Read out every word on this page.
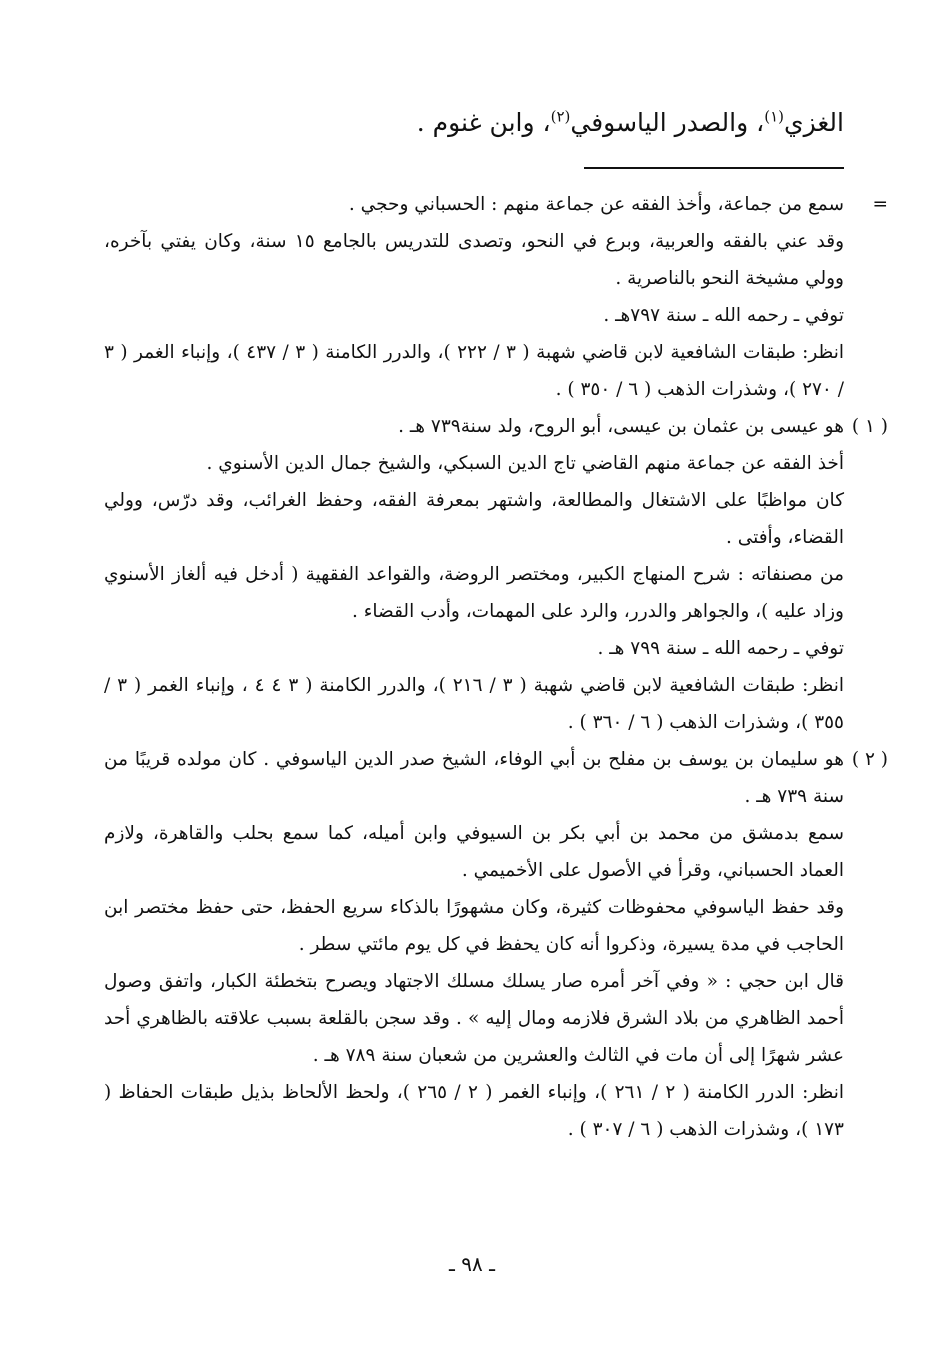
الغزي$^{(١)}$، والصدر الياسوفي$^{(٢)}$، وابن غنوم .
=
سمع من جماعة، وأخذ الفقه عن جماعة منهم : الحسباني وحجي .
وقد عني بالفقه والعربية، وبرع في النحو، وتصدى للتدريس بالجامع ١٥ سنة، وكان يفتي بآخره، وولي مشيخة النحو بالناصرية .
توفي ـ رحمه الله ـ سنة ٧٩٧هـ .
انظر: طبقات الشافعية لابن قاضي شهبة ( ٣ / ٢٢٢ )، والدرر الكامنة ( ٣ / ٤٣٧ )، وإنباء الغمر ( ٣ / ٢٧٠ )، وشذرات الذهب ( ٦ / ٣٥٠ ) .
( ١ )
هو عيسى بن عثمان بن عيسى، أبو الروح، ولد سنة٧٣٩ هـ .
أخذ الفقه عن جماعة منهم القاضي تاج الدين السبكي، والشيخ جمال الدين الأسنوي .
كان مواظبًا على الاشتغال والمطالعة، واشتهر بمعرفة الفقه، وحفظ الغرائب، وقد درّس، وولي القضاء، وأفتى .
من مصنفاته : شرح المنهاج الكبير، ومختصر الروضة، والقواعد الفقهية ( أدخل فيه ألغاز الأسنوي وزاد عليه )، والجواهر والدرر، والرد على المهمات، وأدب القضاء .
توفي ـ رحمه الله ـ سنة ٧٩٩ هـ .
انظر: طبقات الشافعية لابن قاضي شهبة ( ٣ / ٢١٦ )، والدرر الكامنة ( ٣ ٤ ٤ ، وإنباء الغمر ( ٣ / ٣٥٥ )، وشذرات الذهب ( ٦ / ٣٦٠ ) .
( ٢ )
هو سليمان بن يوسف بن مفلح بن أبي الوفاء، الشيخ صدر الدين الياسوفي . كان مولده قريبًا من سنة ٧٣٩ هـ .
سمع بدمشق من محمد بن أبي بكر بن السيوفي وابن أميله، كما سمع بحلب والقاهرة، ولازم العماد الحسباني، وقرأ في الأصول على الأخميمي .
وقد حفظ الياسوفي محفوظات كثيرة، وكان مشهورًا بالذكاء سريع الحفظ، حتى حفظ مختصر ابن الحاجب في مدة يسيرة، وذكروا أنه كان يحفظ في كل يوم مائتي سطر .
قال ابن حجي : « وفي آخر أمره صار يسلك مسلك الاجتهاد ويصرح بتخطئة الكبار، واتفق وصول أحمد الظاهري من بلاد الشرق فلازمه ومال إليه » . وقد سجن بالقلعة بسبب علاقته بالظاهري أحد عشر شهرًا إلى أن مات في الثالث والعشرين من شعبان سنة ٧٨٩ هـ .
انظر: الدرر الكامنة ( ٢ / ٢٦١ )، وإنباء الغمر ( ٢ / ٢٦٥ )، ولحظ الألحاظ بذيل طبقات الحفاظ ( ١٧٣ )، وشذرات الذهب ( ٦ / ٣٠٧ ) .
ـ ٩٨ ـ
